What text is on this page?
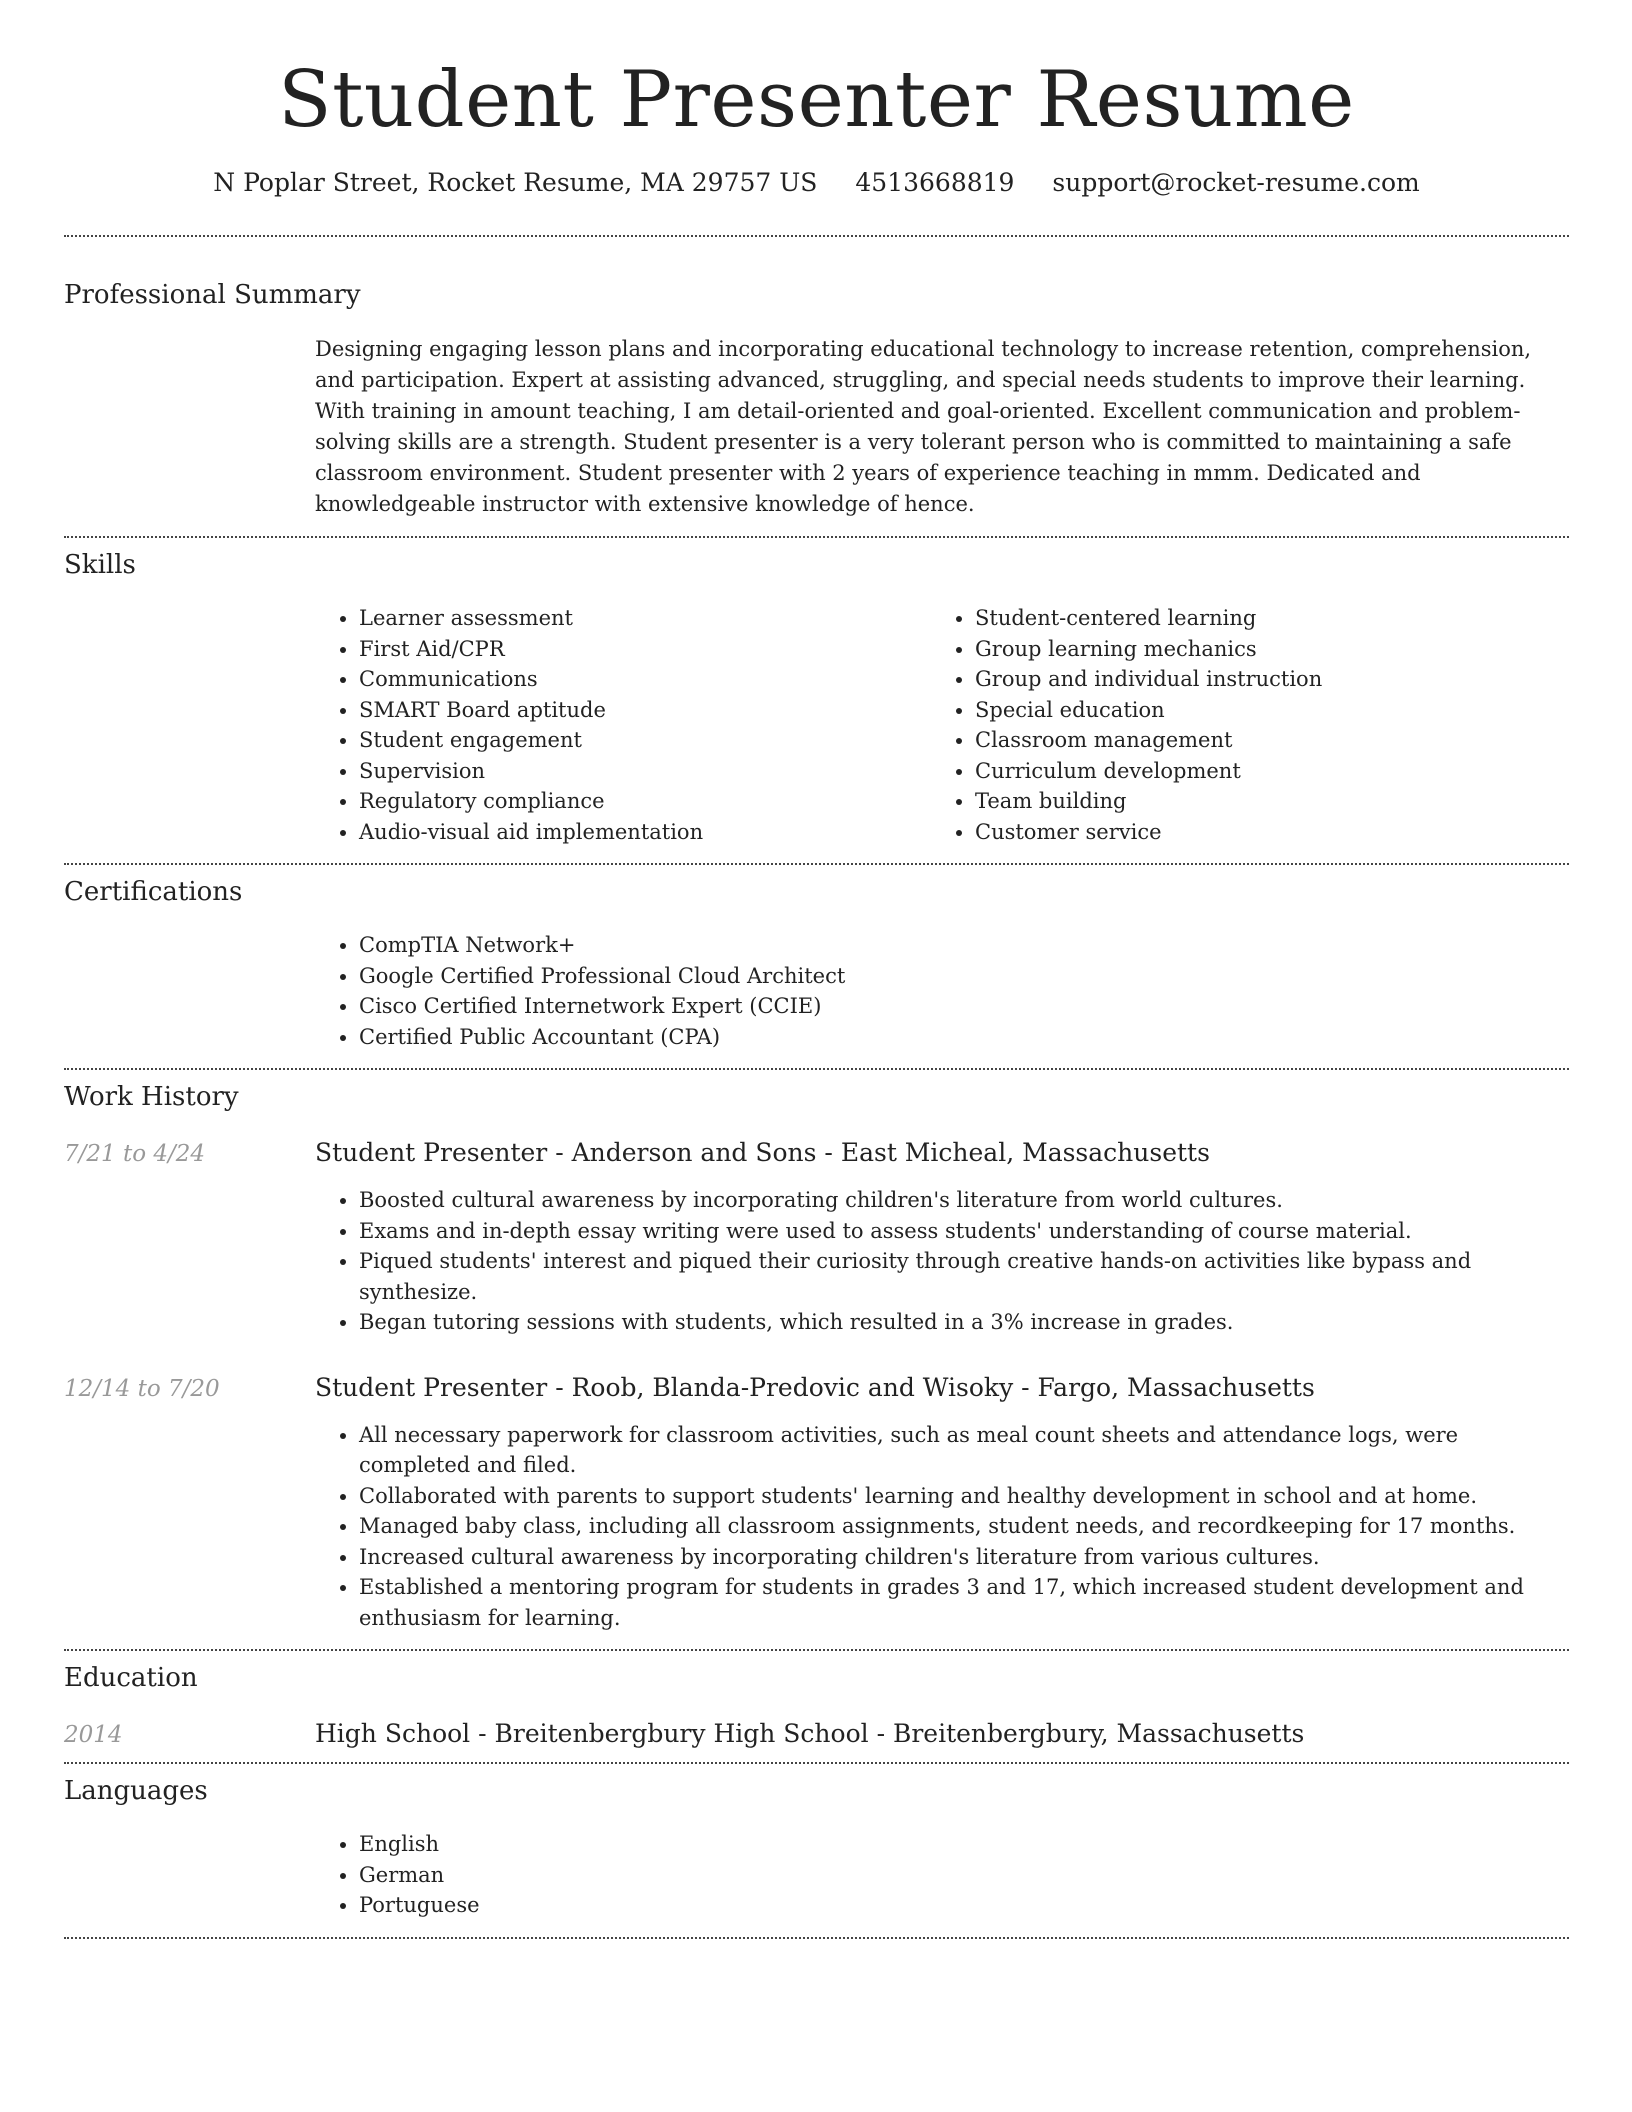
Student Presenter Resume
N Poplar Street, Rocket Resume, MA 29757 US 4513668819 support@rocket-resume.com
Professional Summary

Designing engaging lesson plans and incorporating educational technology to increase retention, comprehension, and participation. Expert at assisting advanced, struggling, and special needs students to improve their learning. With training in amount teaching, I am detail-oriented and goal-oriented. Excellent communication and problem-solving skills are a strength. Student presenter is a very tolerant person who is committed to maintaining a safe classroom environment. Student presenter with 2 years of experience teaching in mmm. Dedicated and knowledgeable instructor with extensive knowledge of hence.

Skills
• Learner assessment
• First Aid/CPR
• Communications
• SMART Board aptitude
• Student engagement
• Supervision
• Regulatory compliance
• Audio-visual aid implementation
• Student-centered learning
• Group learning mechanics
• Group and individual instruction
• Special education
• Classroom management
• Curriculum development
• Team building
• Customer service
Certifications
• CompTIA Network+
• Google Certified Professional Cloud Architect
• Cisco Certified Internetwork Expert (CCIE)
• Certified Public Accountant (CPA)
Work History
7/21 to 4/24	Student Presenter - Anderson and Sons - East Micheal, Massachusetts
• Boosted cultural awareness by incorporating children's literature from world cultures.
• Exams and in-depth essay writing were used to assess students' understanding of course material.
• Piqued students' interest and piqued their curiosity through creative hands-on activities like bypass and synthesize.
• Began tutoring sessions with students, which resulted in a 3% increase in grades.
12/14 to 7/20	Student Presenter - Roob, Blanda-Predovic and Wisoky - Fargo, Massachusetts
• All necessary paperwork for classroom activities, such as meal count sheets and attendance logs, were completed and filed.
• Collaborated with parents to support students' learning and healthy development in school and at home.
• Managed baby class, including all classroom assignments, student needs, and recordkeeping for 17 months.
• Increased cultural awareness by incorporating children's literature from various cultures.
• Established a mentoring program for students in grades 3 and 17, which increased student development and enthusiasm for learning.
Education
2014	High School - Breitenbergbury High School - Breitenbergbury, Massachusetts
Languages
• English
• German
• Portuguese
